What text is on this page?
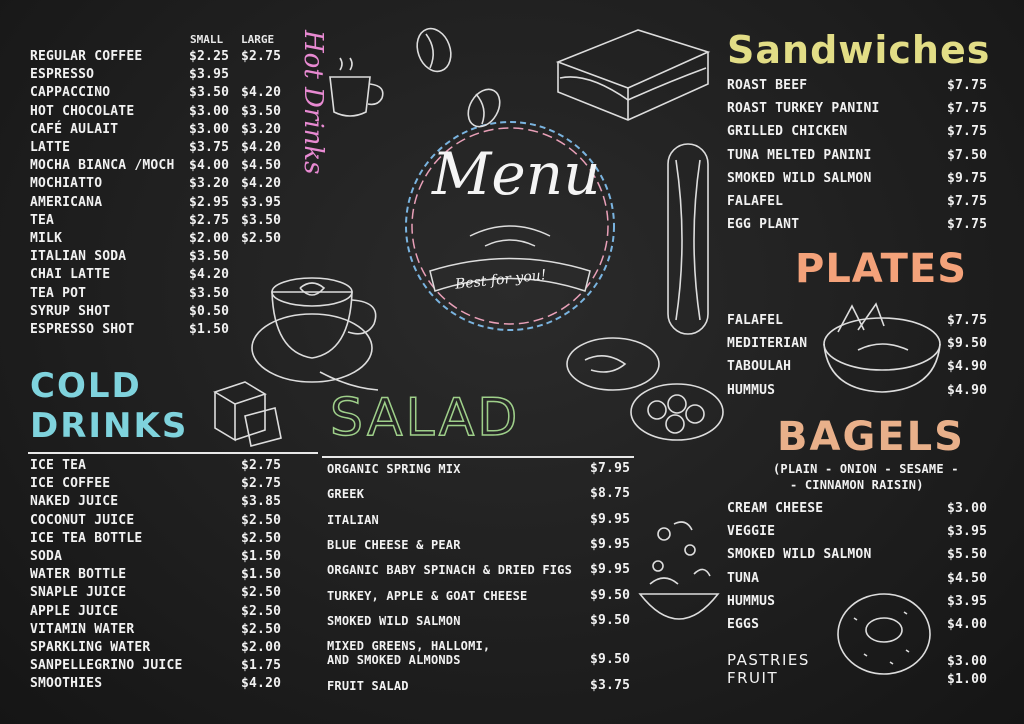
SMALL LARGE
REGULAR COFFEE	$2.25 $2.75
ESPRESSO	$3.95
CAPPACCINO	$3.50 $4.20
HOT CHOCOLATE	$3.00 $3.50
CAFÉ AULAIT	$3.00 $3.20
LATTE	$3.75 $4.20
MOCHA BIANCA /MOCH $4.00 $4.50
MOCHIATTO	$3.20 $4.20
AMERICANA	$2.95 $3.95
TEA	$2.75 $3.50
MILK	$2.00 $2.50
ITALIAN SODA	$3.50
CHAI LATTE	$4.20
TEA POT	$3.50
SYRUP SHOT	$0.50
ESPRESSO SHOT	$1.50
Hot Drinks
COLD
DRINKS
ICE TEA	$2.75
ICE COFFEE	$2.75
NAKED JUICE	$3.85
COCONUT JUICE	$2.50
ICE TEA BOTTLE	$2.50
SODA	$1.50
WATER BOTTLE	$1.50
SNAPLE JUICE	$2.50
APPLE JUICE	$2.50
VITAMIN WATER	$2.50
SPARKLING WATER	$2.00
SANPELLEGRINO JUICE	$1.75
SMOOTHIES	$4.20
Menu
Best for you!
SALAD
ORGANIC SPRING MIX	$7.95
GREEK	$8.75
ITALIAN	$9.95
BLUE CHEESE & PEAR	$9.95
ORGANIC BABY SPINACH & DRIED FIGS $9.95
TURKEY, APPLE & GOAT CHEESE	$9.50
SMOKED WILD SALMON	$9.50
MIXED GREENS, HALLOMI,
AND SMOKED ALMONDS	$9.50
FRUIT SALAD	$3.75
Sandwiches
ROAST BEEF	$7.75
ROAST TURKEY PANINI	$7.75
GRILLED CHICKEN	$7.75
TUNA MELTED PANINI	$7.50
SMOKED WILD SALMON	$9.75
FALAFEL	$7.75
EGG PLANT	$7.75
PLATES
FALAFEL	$7.75
MEDITERIAN	$9.50
TABOULAH	$4.90
HUMMUS	$4.90
BAGELS
(PLAIN - ONION - SESAME -
- CINNAMON RAISIN)
CREAM CHEESE	$3.00
VEGGIE	$3.95
SMOKED WILD SALMON	$5.50
TUNA	$4.50
HUMMUS	$3.95
EGGS	$4.00
PASTRIES	$3.00
FRUIT	$1.00
